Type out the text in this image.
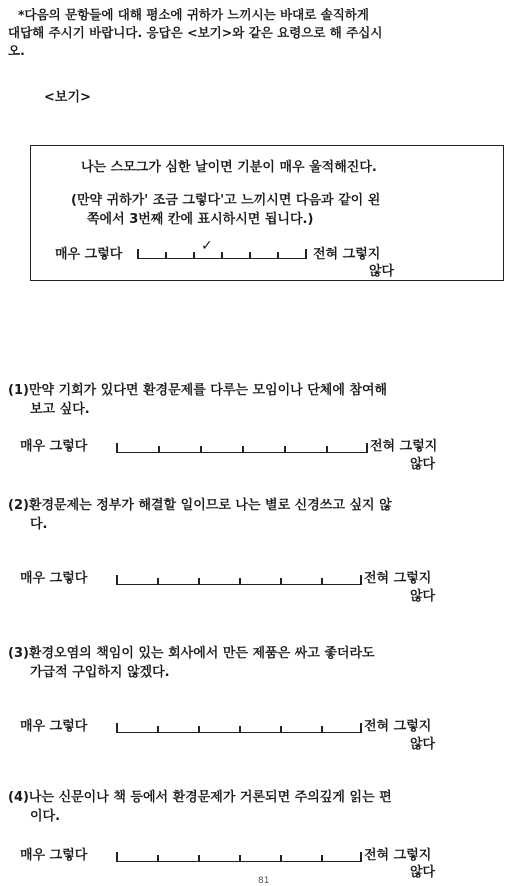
*다음의 문항들에 대해 평소에 귀하가 느끼시는 바대로 솔직하게
대답해 주시기 바랍니다. 응답은 <보기>와 같은 요령으로 해 주십시
오.
<보기>
나는 스모그가 심한 날이면 기분이 매우 울적해진다.
(만약 귀하가' 조금 그렇다'고 느끼시면 다음과 같이 왼
쪽에서 3번째 칸에 표시하시면 됩니다.)
매우 그렇다
✓
전혀 그렇지
않다
(1)만약 기회가 있다면 환경문제를 다루는 모임이나 단체에 참여해
보고 싶다.
매우 그렇다	전혀 그렇지
않다
(2)환경문제는 정부가 해결할 일이므로 나는 별로 신경쓰고 싶지 않
다.
매우 그렇다	전혀 그렇지
않다
(3)환경오염의 책임이 있는 회사에서 만든 제품은 싸고 좋더라도
가급적 구입하지 않겠다.
매우 그렇다	전혀 그렇지
않다
(4)나는 신문이나 책 등에서 환경문제가 거론되면 주의깊게 읽는 편
이다.
매우 그렇다	전혀 그렇지
않다
81
